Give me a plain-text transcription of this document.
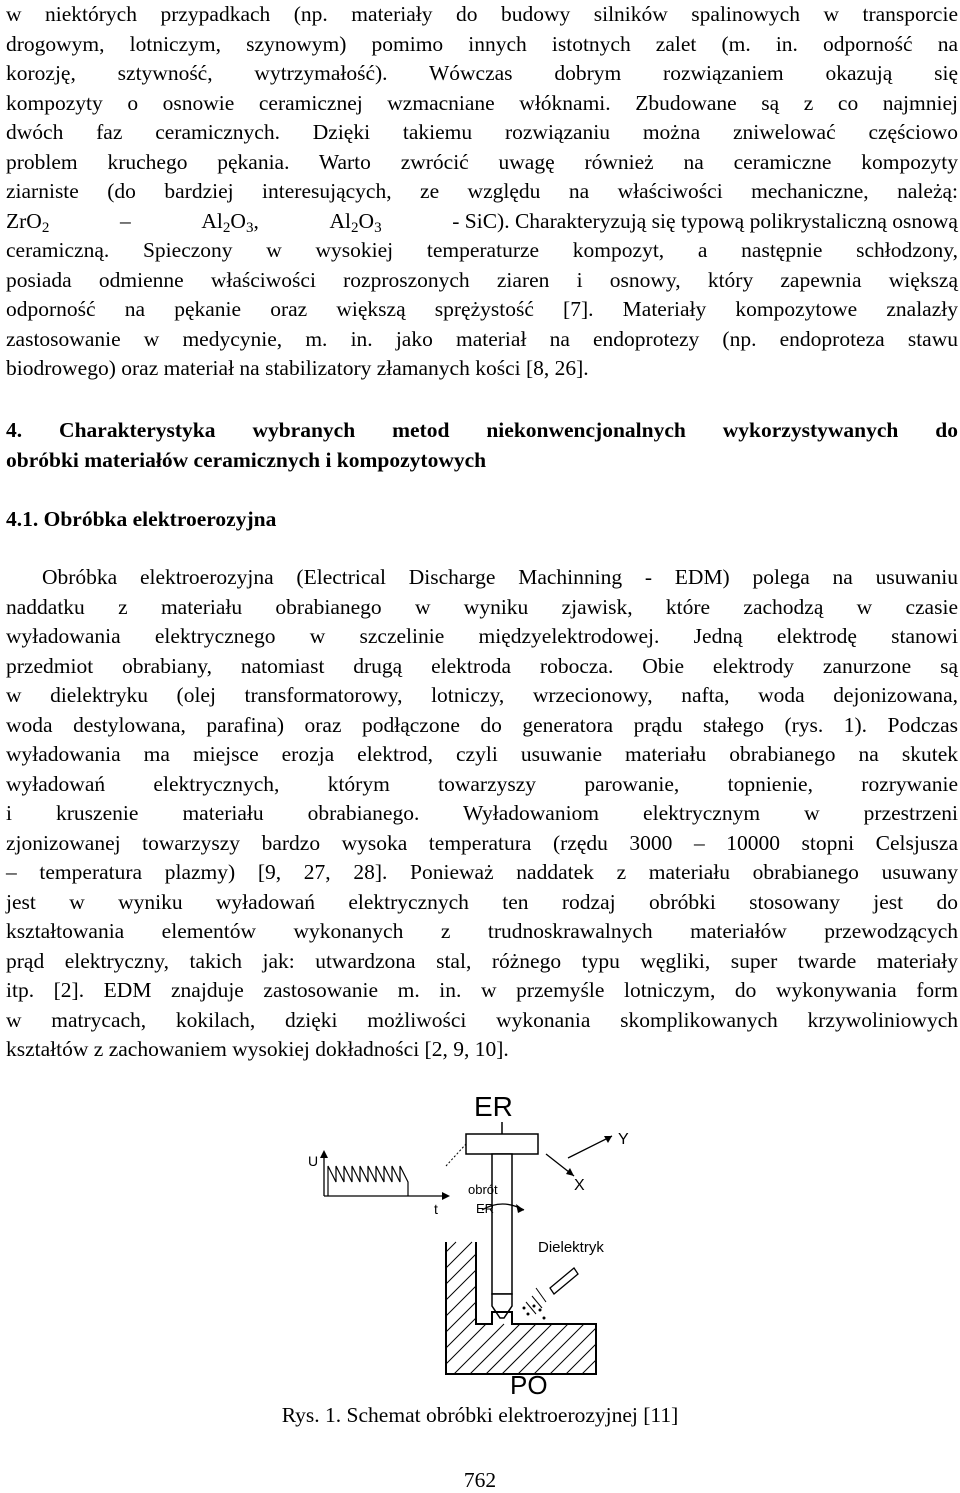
w niektórych przypadkach (np. materiały do budowy silników spalinowych w transporcie
drogowym, lotniczym, szynowym) pomimo innych istotnych zalet (m. in. odporność na
korozję, sztywność, wytrzymałość). Wówczas dobrym rozwiązaniem okazują się
kompozyty o osnowie ceramicznej wzmacniane włóknami. Zbudowane są z co najmniej
dwóch faz ceramicznych. Dzięki takiemu rozwiązaniu można zniwelować częściowo
problem kruchego pękania. Warto zwrócić uwagę również na ceramiczne kompozyty
ziarniste (do bardziej interesujących, ze względu na właściwości mechaniczne, należą:
ZrO$_2$	–	Al2O3,	Al2O3	- SiC). Charakteryzują się typową polikrystaliczną osnową
ceramiczną. Spieczony w wysokiej temperaturze kompozyt, a następnie schłodzony,
posiada odmienne właściwości rozproszonych ziaren i osnowy, który zapewnia większą
odporność na pękanie oraz większą sprężystość [7]. Materiały kompozytowe znalazły
zastosowanie w medycynie, m. in. jako materiał na endoprotezy (np. endoproteza stawu
biodrowego) oraz materiał na stabilizatory złamanych kości [8, 26].
4. Charakterystyka wybranych metod niekonwencjonalnych wykorzystywanych do
obróbki materiałów ceramicznych i kompozytowych
4.1. Obróbka elektroerozyjna
Obróbka elektroerozyjna (Electrical Discharge Machinning - EDM) polega na usuwaniu
naddatku z materiału obrabianego w wyniku zjawisk, które zachodzą w czasie
wyładowania elektrycznego w szczelinie międzyelektrodowej. Jedną elektrodę stanowi
przedmiot obrabiany, natomiast drugą elektroda robocza. Obie elektrody zanurzone są
w dielektryku (olej transformatorowy, lotniczy, wrzecionowy, nafta, woda dejonizowana,
woda destylowana, parafina) oraz podłączone do generatora prądu stałego (rys. 1). Podczas
wyładowania ma miejsce erozja elektrod, czyli usuwanie materiału obrabianego na skutek
wyładowań elektrycznych, którym towarzyszy parowanie, topnienie, rozrywanie
i kruszenie materiału obrabianego. Wyładowaniom elektrycznym w przestrzeni
zjonizowanej towarzyszy bardzo wysoka temperatura (rzędu 3000 – 10000 stopni Celsjusza
– temperatura plazmy) [9, 27, 28]. Ponieważ naddatek z materiału obrabianego usuwany
jest w wyniku wyładowań elektrycznych ten rodzaj obróbki stosowany jest do
kształtowania elementów wykonanych z trudnoskrawalnych materiałów przewodzących
prąd elektryczny, takich jak: utwardzona stal, różnego typu węgliki, super twarde materiały
itp. [2]. EDM znajduje zastosowanie m. in. w przemyśle lotniczym, do wykonywania form
w matrycach, kokilach, dzięki możliwości wykonania skomplikowanych krzywoliniowych
kształtów z zachowaniem wysokiej dokładności [2, 9, 10].
ER
obrót
ER
Y
X
U
t
Dielektryk
PO
Rys. 1. Schemat obróbki elektroerozyjnej [11]
762
